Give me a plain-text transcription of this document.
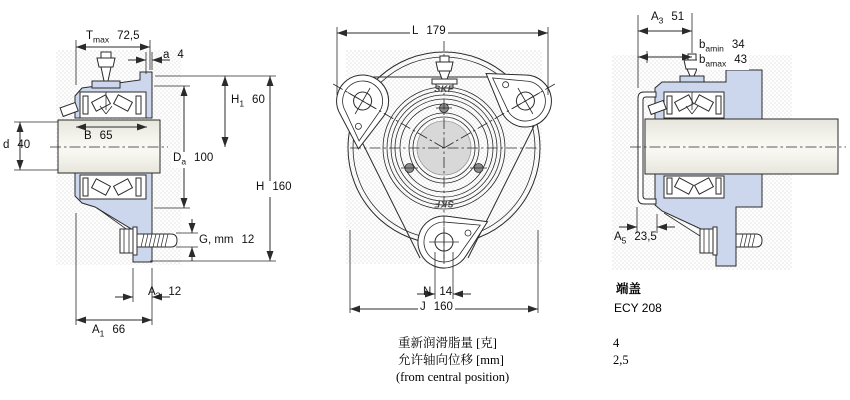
$T_{max}$ 72,5
a 4
$H_1$ 60
d 40
B 65
$D_a$ 100
H 160
G, mm 12
$A_2$ 12
$A_1$ 66
L 179
N 14
J 160
$A_3$ 51
$b_{amin}$ 34
$b_{amax}$ 43
$A_5$ 23,5
SKF
SKF
重新润滑脂量 [克]
允许轴向位移 [mm]
(from central position)
4
2,5
端盖
ECY 208
